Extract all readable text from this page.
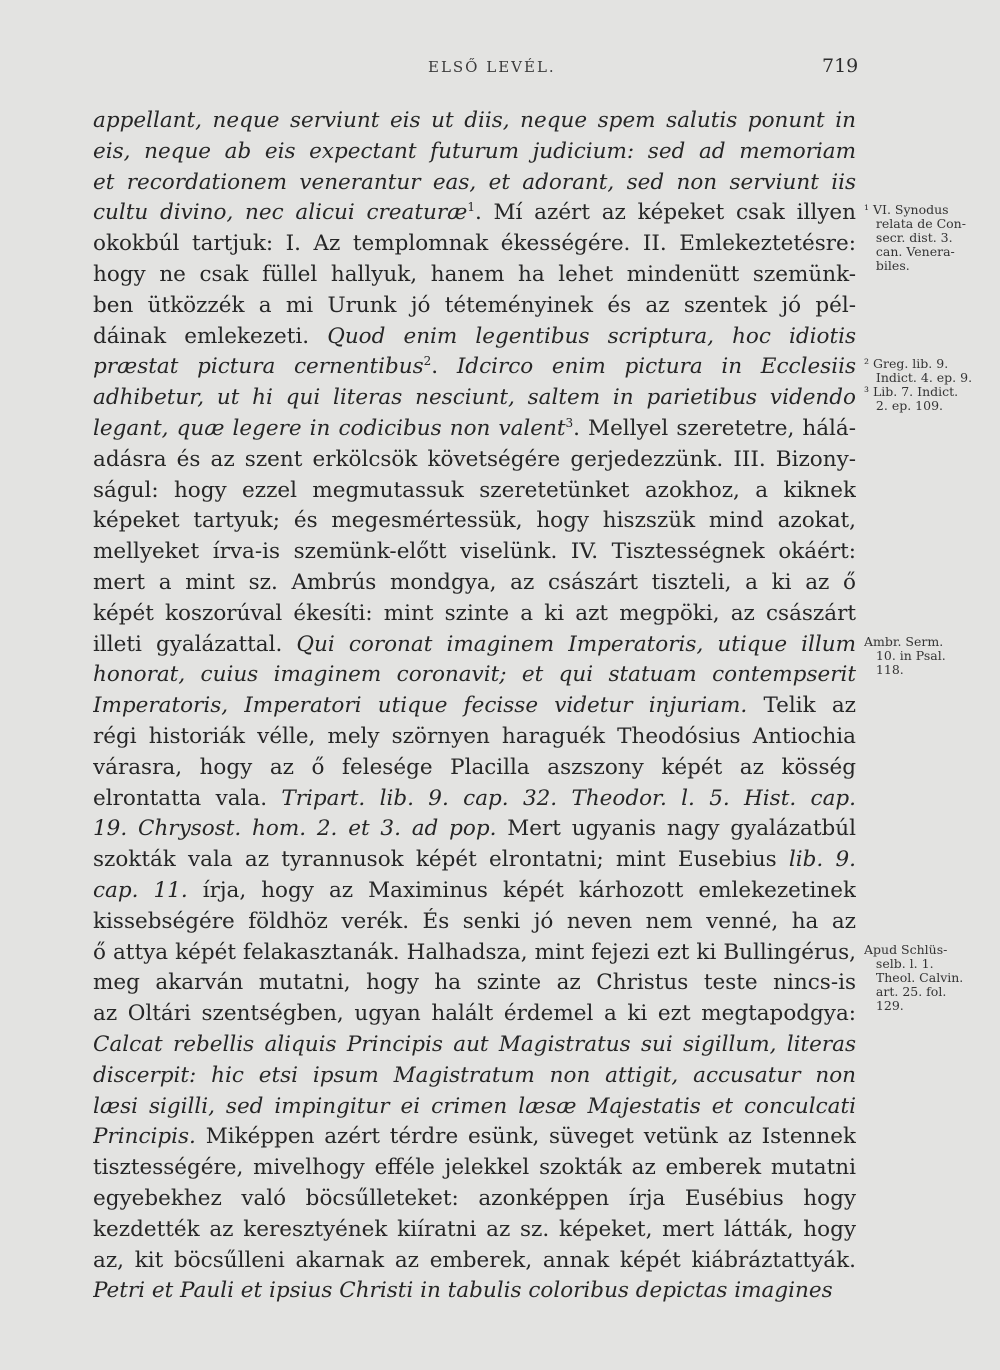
ELSŐ LEVÉL.	719
appellant, neque serviunt eis ut diis, neque spem salutis ponunt in
eis, neque ab eis expectant futurum judicium: sed ad memoriam
et recordationem venerantur eas, et adorant, sed non serviunt iis
cultu divino, nec alicui creaturæ$^1$. Mí azért az képeket csak illyen
okokbúl tartjuk: I. Az templomnak ékességére. II. Emlekeztetésre:
hogy ne csak füllel hallyuk, hanem ha lehet mindenütt szemünk-
ben ütközzék a mi Urunk jó téteményinek és az szentek jó pél-
dáinak emlekezeti. Quod enim legentibus scriptura, hoc idiotis
præstat pictura cernentibus$^2$. Idcirco enim pictura in Ecclesiis
adhibetur, ut hi qui literas nesciunt, saltem in parietibus videndo
legant, quæ legere in codicibus non valent$^3$. Mellyel szeretetre, hálá-
adásra és az szent erkölcsök követségére gerjedezzünk. III. Bizony-
ságul: hogy ezzel megmutassuk szeretetünket azokhoz, a kiknek
képeket tartyuk; és megesmértessük, hogy hiszszük mind azokat,
mellyeket írva-is szemünk-előtt viselünk. IV. Tisztességnek okáért:
mert a mint sz. Ambrús mondgya, az császárt tiszteli, a ki az ő
képét koszorúval ékesíti: mint szinte a ki azt megpöki, az császárt
illeti gyalázattal. Qui coronat imaginem Imperatoris, utique illum
honorat, cuius imaginem coronavit; et qui statuam contempserit
Imperatoris, Imperatori utique fecisse videtur injuriam. Telik az
régi historiák vélle, mely szörnyen haraguék Theodósius Antiochia
várasra, hogy az ő felesége Placilla aszszony képét az kösség
elrontatta vala. Tripart. lib. 9. cap. 32. Theodor. l. 5. Hist. cap.
19. Chrysost. hom. 2. et 3. ad pop. Mert ugyanis nagy gyalázatbúl
szokták vala az tyrannusok képét elrontatni; mint Eusebius lib. 9.
cap. 11. írja, hogy az Maximinus képét kárhozott emlekezetinek
kissebségére földhöz verék. És senki jó neven nem venné, ha az
ő attya képét felakasztanák. Halhadsza, mint fejezi ezt ki Bullingérus,
meg akarván mutatni, hogy ha szinte az Christus teste nincs-is
az Oltári szentségben, ugyan halált érdemel a ki ezt megtapodgya:
Calcat rebellis aliquis Principis aut Magistratus sui sigillum, literas
discerpit: hic etsi ipsum Magistratum non attigit, accusatur non
læsi sigilli, sed impingitur ei crimen læsæ Majestatis et conculcati
Principis. Miképpen azért térdre esünk, süveget vetünk az Istennek
tisztességére, mivelhogy efféle jelekkel szokták az emberek mutatni
egyebekhez való böcsűlleteket: azonképpen írja Eusébius hogy
kezdették az keresztyének kiíratni az sz. képeket, mert látták, hogy
az, kit böcsűlleni akarnak az emberek, annak képét kiábráztattyák.
Petri et Pauli et ipsius Christi in tabulis coloribus depictas imagines
¹ VI. Synodus
relata de Con-
secr. dist. 3.
can. Venera-
biles.
² Greg. lib. 9.
Indict. 4. ep. 9.
³ Lib. 7. Indict.
2. ep. 109.
Ambr. Serm.
10. in Psal.
118.
Apud Schlüs-
selb. l. 1.
Theol. Calvin.
art. 25. fol.
129.
